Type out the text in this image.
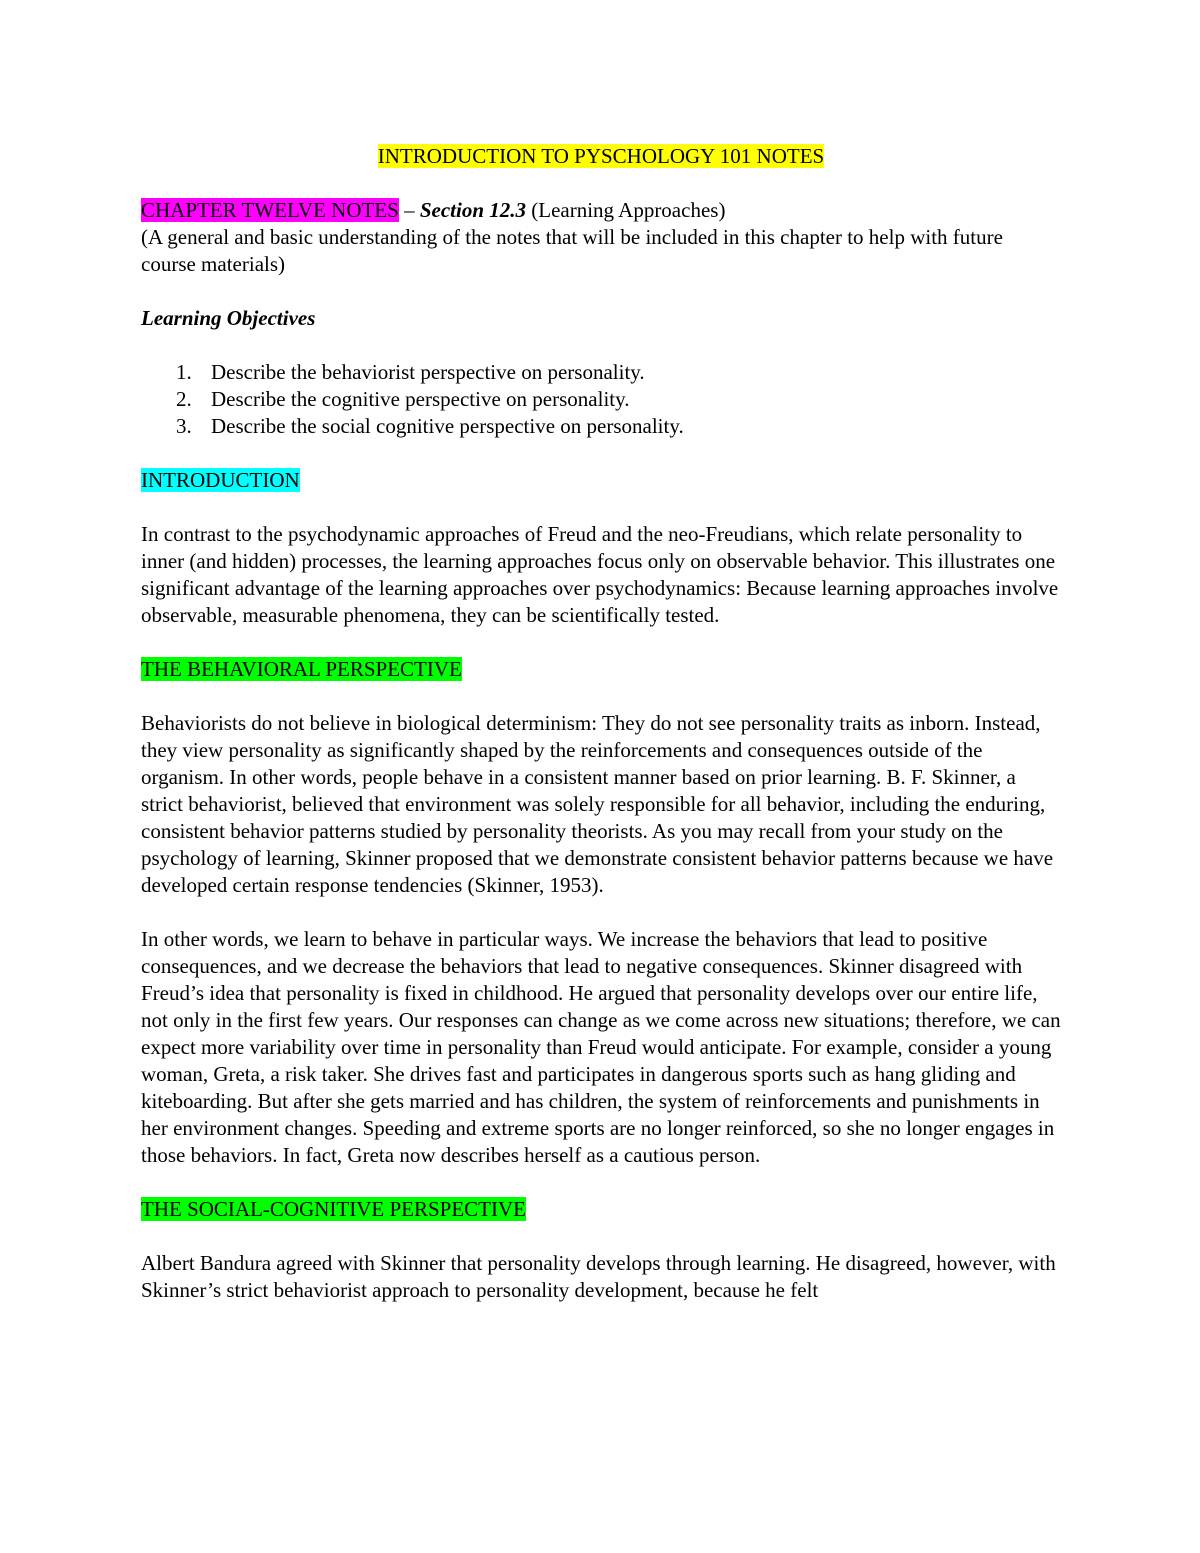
INTRODUCTION TO PYSCHOLOGY 101 NOTES

CHAPTER TWELVE NOTES – Section 12.3 (Learning Approaches)

(A general and basic understanding of the notes that will be included in this chapter to help with future course materials)

Learning Objectives

1. Describe the behaviorist perspective on personality.
2. Describe the cognitive perspective on personality.
3. Describe the social cognitive perspective on personality.

INTRODUCTION

In contrast to the psychodynamic approaches of Freud and the neo-Freudians, which relate personality to inner (and hidden) processes, the learning approaches focus only on observable behavior. This illustrates one significant advantage of the learning approaches over psychodynamics: Because learning approaches involve observable, measurable phenomena, they can be scientifically tested.

THE BEHAVIORAL PERSPECTIVE

Behaviorists do not believe in biological determinism: They do not see personality traits as inborn. Instead, they view personality as significantly shaped by the reinforcements and consequences outside of the organism. In other words, people behave in a consistent manner based on prior learning. B. F. Skinner, a strict behaviorist, believed that environment was solely responsible for all behavior, including the enduring, consistent behavior patterns studied by personality theorists. As you may recall from your study on the psychology of learning, Skinner proposed that we demonstrate consistent behavior patterns because we have developed certain response tendencies (Skinner, 1953).

In other words, we learn to behave in particular ways. We increase the behaviors that lead to positive consequences, and we decrease the behaviors that lead to negative consequences. Skinner disagreed with Freud’s idea that personality is fixed in childhood. He argued that personality develops over our entire life, not only in the first few years. Our responses can change as we come across new situations; therefore, we can expect more variability over time in personality than Freud would anticipate. For example, consider a young woman, Greta, a risk taker. She drives fast and participates in dangerous sports such as hang gliding and kiteboarding. But after she gets married and has children, the system of reinforcements and punishments in her environment changes. Speeding and extreme sports are no longer reinforced, so she no longer engages in those behaviors. In fact, Greta now describes herself as a cautious person.

THE SOCIAL-COGNITIVE PERSPECTIVE

Albert Bandura agreed with Skinner that personality develops through learning. He disagreed, however, with Skinner’s strict behaviorist approach to personality development, because he felt
